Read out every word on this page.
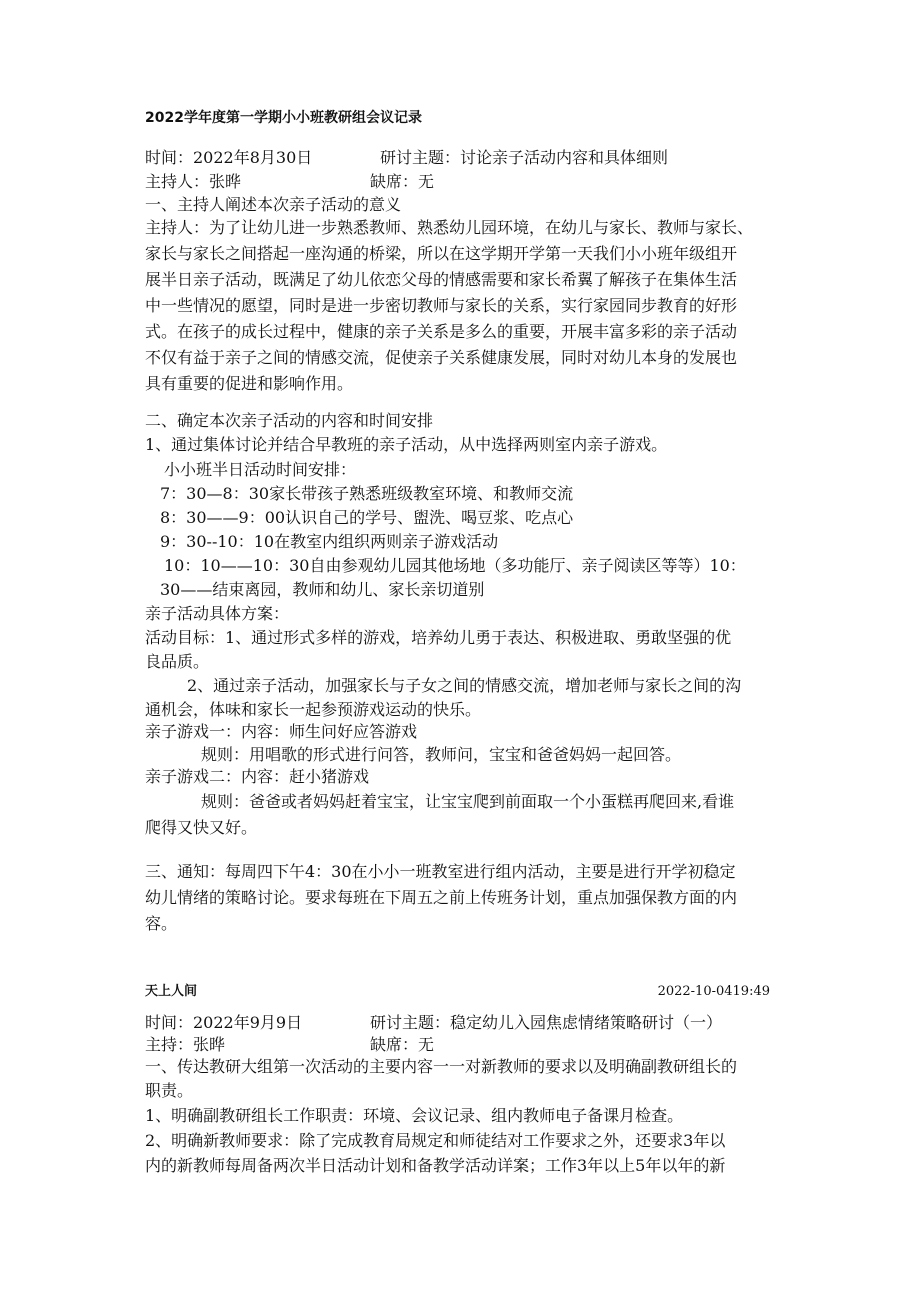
2022学年度第一学期小小班教研组会议记录
时间：2022年8月30日	研讨主题：讨论亲子活动内容和具体细则
主持人：张晔	缺席：无
一、主持人阐述本次亲子活动的意义
主持人：为了让幼儿进一步熟悉教师、熟悉幼儿园环境，在幼儿与家长、教师与家长、
家长与家长之间搭起一座沟通的桥梁，所以在这学期开学第一天我们小小班年级组开
展半日亲子活动，既满足了幼儿依恋父母的情感需要和家长希翼了解孩子在集体生活
中一些情况的愿望，同时是进一步密切教师与家长的关系，实行家园同步教育的好形
式。在孩子的成长过程中，健康的亲子关系是多么的重要，开展丰富多彩的亲子活动
不仅有益于亲子之间的情感交流，促使亲子关系健康发展，同时对幼儿本身的发展也
具有重要的促进和影响作用。
二、确定本次亲子活动的内容和时间安排
1、通过集体讨论并结合早教班的亲子活动，从中选择两则室内亲子游戏。
小小班半日活动时间安排：
7：30—8：30家长带孩子熟悉班级教室环境、和教师交流
8：30——9：00认识自己的学号、盥洗、喝豆浆、吃点心
9：30--10：10在教室内组织两则亲子游戏活动
10：10——10：30自由参观幼儿园其他场地（多功能厅、亲子阅读区等等）10：
30——结束离园，教师和幼儿、家长亲切道别
亲子活动具体方案：
活动目标：1、通过形式多样的游戏，培养幼儿勇于表达、积极进取、勇敢坚强的优
良品质。
2、通过亲子活动，加强家长与子女之间的情感交流，增加老师与家长之间的沟
通机会，体味和家长一起参预游戏运动的快乐。
亲子游戏一：内容：师生问好应答游戏
规则：用唱歌的形式进行问答，教师问，宝宝和爸爸妈妈一起回答。
亲子游戏二：内容：赶小猪游戏
规则：爸爸或者妈妈赶着宝宝，让宝宝爬到前面取一个小蛋糕再爬回来,看谁
爬得又快又好。
三、通知：每周四下午4：30在小小一班教室进行组内活动，主要是进行开学初稳定
幼儿情绪的策略讨论。要求每班在下周五之前上传班务计划，重点加强保教方面的内
容。
天上人间	2022-10-0419:49
时间：2022年9月9日	研讨主题：稳定幼儿入园焦虑情绪策略研讨（一）
主持：张晔	缺席：无
一、传达教研大组第一次活动的主要内容一一对新教师的要求以及明确副教研组长的
职责。
1、明确副教研组长工作职责：环境、会议记录、组内教师电子备课月检查。
2、明确新教师要求：除了完成教育局规定和师徒结对工作要求之外，还要求3年以
内的新教师每周备两次半日活动计划和备教学活动详案；工作3年以上5年以年的新
